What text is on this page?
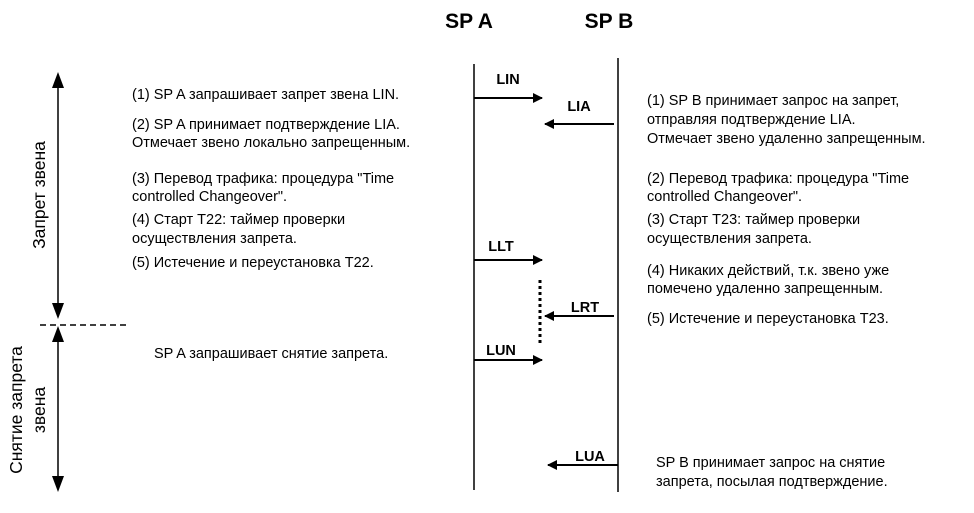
SP A	SP B
Запрет звена
Снятие запрета звена
LIN
LIA
LLT
LRT
LUN
LUA
(1) SP A запрашивает запрет звена LIN.
(2) SP A принимает подтверждение LIA.
Отмечает звено локально запрещенным.
(3) Перевод трафика: процедура "Time
controlled Changeover".
(4) Старт Т22: таймер проверки
осуществления запрета.
(5) Истечение и переустановка Т22.
SP A запрашивает снятие запрета.
(1) SP B принимает запрос на запрет,
отправляя подтверждение LIA.
Отмечает звено удаленно запрещенным.
(2) Перевод трафика: процедура "Time
controlled Changeover".
(3) Старт Т23: таймер проверки
осуществления запрета.
(4) Никаких действий, т.к. звено уже
помечено удаленно запрещенным.
(5) Истечение и переустановка Т23.
SP B принимает запрос на снятие
запрета, посылая подтверждение.
